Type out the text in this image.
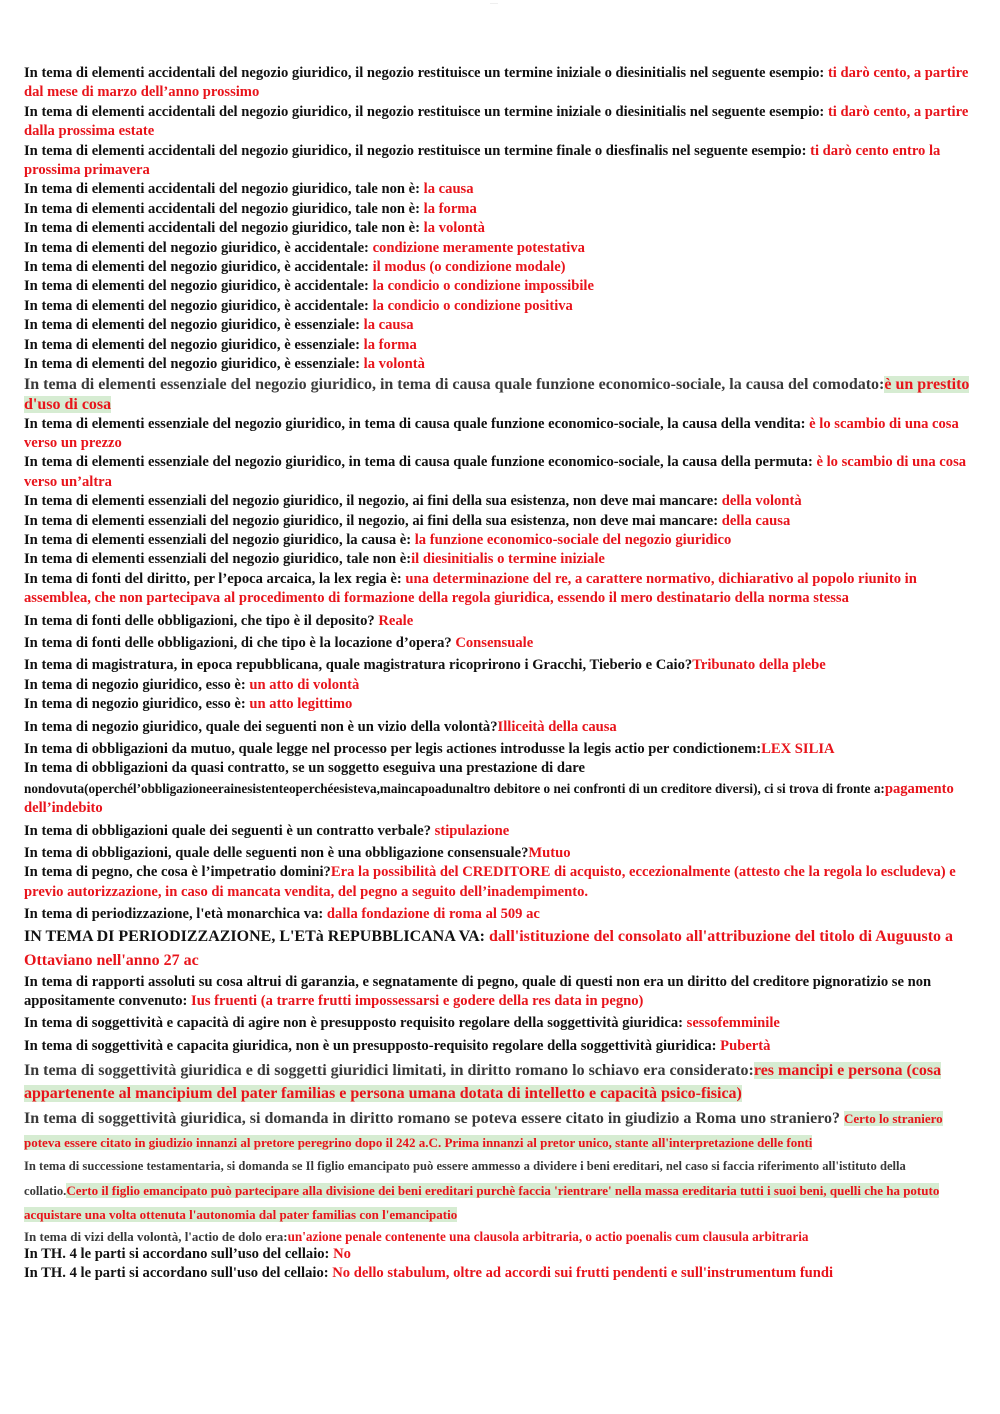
........

In tema di elementi accidentali del negozio giuridico, il negozio restituisce un termine iniziale o diesinitialis nel seguente esempio: ti darò cento, a partire dal mese di marzo dell’anno prossimo

In tema di elementi accidentali del negozio giuridico, il negozio restituisce un termine iniziale o diesinitialis nel seguente esempio: ti darò cento, a partire dalla prossima estate

In tema di elementi accidentali del negozio giuridico, il negozio restituisce un termine finale o diesfinalis nel seguente esempio: ti darò cento entro la prossima primavera

In tema di elementi accidentali del negozio giuridico, tale non è: la causa

In tema di elementi accidentali del negozio giuridico, tale non è: la forma

In tema di elementi accidentali del negozio giuridico, tale non è: la volontà

In tema di elementi del negozio giuridico, è accidentale: condizione meramente potestativa

In tema di elementi del negozio giuridico, è accidentale: il modus (o condizione modale)

In tema di elementi del negozio giuridico, è accidentale: la condicio o condizione impossibile

In tema di elementi del negozio giuridico, è accidentale: la condicio o condizione positiva

In tema di elementi del negozio giuridico, è essenziale: la causa

In tema di elementi del negozio giuridico, è essenziale: la forma

In tema di elementi del negozio giuridico, è essenziale: la volontà

In tema di elementi essenziale del negozio giuridico, in tema di causa quale funzione economico-sociale, la causa del comodato:è un prestito d'uso di cosa

In tema di elementi essenziale del negozio giuridico, in tema di causa quale funzione economico-sociale, la causa della vendita: è lo scambio di una cosa verso un prezzo

In tema di elementi essenziale del negozio giuridico, in tema di causa quale funzione economico-sociale, la causa della permuta: è lo scambio di una cosa verso un’altra

In tema di elementi essenziali del negozio giuridico, il negozio, ai fini della sua esistenza, non deve mai mancare: della volontà

In tema di elementi essenziali del negozio giuridico, il negozio, ai fini della sua esistenza, non deve mai mancare: della causa

In tema di elementi essenziali del negozio giuridico, la causa è: la funzione economico-sociale del negozio giuridico

In tema di elementi essenziali del negozio giuridico, tale non è:il diesinitialis o termine iniziale

In tema di fonti del diritto, per l’epoca arcaica, la lex regia è: una determinazione del re, a carattere normativo, dichiarativo al popolo riunito in assemblea, che non partecipava al procedimento di formazione della regola giuridica, essendo il mero destinatario della norma stessa

In tema di fonti delle obbligazioni, che tipo è il deposito? Reale

In tema di fonti delle obbligazioni, di che tipo è la locazione d’opera? Consensuale

In tema di magistratura, in epoca repubblicana, quale magistratura ricoprirono i Gracchi, Tieberio e Caio?Tribunato della plebe

In tema di negozio giuridico, esso è: un atto di volontà

In tema di negozio giuridico, esso è: un atto legittimo

In tema di negozio giuridico, quale dei seguenti non è un vizio della volontà?Illiceità della causa

In tema di obbligazioni da mutuo, quale legge nel processo per legis actiones introdusse la legis actio per condictionem:LEX SILIA

In tema di obbligazioni da quasi contratto, se un soggetto eseguiva una prestazione di dare
nondovuta(operchél’obbligazioneerainesistenteoperchéesisteva,maincapoadunaltro debitore o nei confronti di un creditore diversi), ci si trova di fronte a:pagamento dell’indebito

In tema di obbligazioni quale dei seguenti è un contratto verbale? stipulazione

In tema di obbligazioni, quale delle seguenti non è una obbligazione consensuale?Mutuo

In tema di pegno, che cosa è l’impetratio domini?Era la possibilità del CREDITORE di acquisto, eccezionalmente (attesto che la regola lo escludeva) e previo autorizzazione, in caso di mancata vendita, del pegno a seguito dell’inadempimento.

In tema di periodizzazione, l'età monarchica va: dalla fondazione di roma al 509 ac

IN TEMA DI PERIODIZZAZIONE, L'ETà REPUBBLICANA VA: dall'istituzione del consolato all'attribuzione del titolo di Auguusto a Ottaviano nell'anno 27 ac

In tema di rapporti assoluti su cosa altrui di garanzia, e segnatamente di pegno, quale di questi non era un diritto del creditore pignoratizio se non appositamente convenuto: Ius fruenti (a trarre frutti impossessarsi e godere della res data in pegno)

In tema di soggettività e capacità di agire non è presupposto requisito regolare della soggettività giuridica: sessofemminile

In tema di soggettività e capacita giuridica, non è un presupposto-requisito regolare della soggettività giuridica: Pubertà

In tema di soggettività giuridica e di soggetti giuridici limitati, in diritto romano lo schiavo era considerato:res mancipi e persona (cosa appartenente al mancipium del pater familias e persona umana dotata di intelletto e capacità psico-fisica)

In tema di soggettività giuridica, si domanda in diritto romano se poteva essere citato in giudizio a Roma uno straniero? Certo lo straniero poteva essere citato in giudizio innanzi al pretore peregrino dopo il 242 a.C. Prima innanzi al pretor unico, stante all'interpretazione delle fonti

In tema di successione testamentaria, si domanda se Il figlio emancipato può essere ammesso a dividere i beni ereditari, nel caso si faccia riferimento all'istituto della collatio.Certo il figlio emancipato può partecipare alla divisione dei beni ereditari purchè faccia 'rientrare' nella massa ereditaria tutti i suoi beni, quelli che ha potuto acquistare una volta ottenuta l'autonomia dal pater familias con l'emancipatio

In tema di vizi della volontà, l'actio de dolo era:un'azione penale contenente una clausola arbitraria, o actio poenalis cum clausula arbitraria

In TH. 4 le parti si accordano sull’uso del cellaio: No

In TH. 4 le parti si accordano sull'uso del cellaio: No dello stabulum, oltre ad accordi sui frutti pendenti e sull'instrumentum fundi
